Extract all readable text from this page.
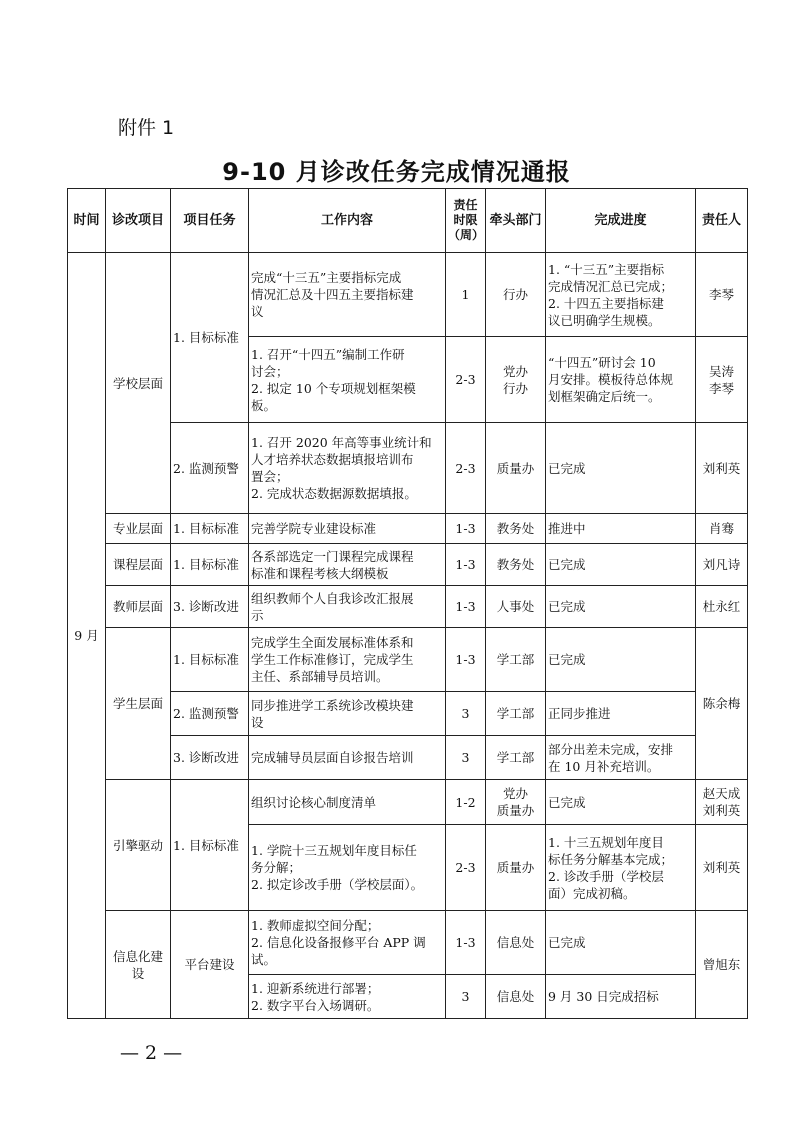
附件 1
9-10 月诊改任务完成情况通报
时间	诊改项目	项目任务	工作内容	责任
时限
（周）	牵头部门	完成进度	责任人
9 月	学校层面	1. 目标标准	完成“十三五”主要指标完成
情况汇总及十四五主要指标建
议	1	行办	1. “十三五”主要指标
完成情况汇总已完成；
2. 十四五主要指标建
议已明确学生规模。	李琴
			1. 召开“十四五”编制工作研
讨会；
2. 拟定 10 个专项规划框架模
板。	2-3	党办
行办	“十四五”研讨会 10
月安排。模板待总体规
划框架确定后统一。	吴涛
李琴
		2. 监测预警	1. 召开 2020 年高等事业统计和
人才培养状态数据填报培训布
置会；
2. 完成状态数据源数据填报。	2-3	质量办	已完成	刘利英
	专业层面	1. 目标标准	完善学院专业建设标准	1-3	教务处	推进中	肖骞
	课程层面	1. 目标标准	各系部选定一门课程完成课程
标准和课程考核大纲模板	1-3	教务处	已完成	刘凡诗
	教师层面	3. 诊断改进	组织教师个人自我诊改汇报展
示	1-3	人事处	已完成	杜永红
	学生层面	1. 目标标准	完成学生全面发展标准体系和
学生工作标准修订，完成学生
主任、系部辅导员培训。	1-3	学工部	已完成	陈余梅
		2. 监测预警	同步推进学工系统诊改模块建
设	3	学工部	正同步推进	
		3. 诊断改进	完成辅导员层面自诊报告培训	3	学工部	部分出差未完成，安排
在 10 月补充培训。	
	引擎驱动	1. 目标标准	组织讨论核心制度清单	1-2	党办
质量办	已完成	赵天成
刘利英
			1. 学院十三五规划年度目标任
务分解；
2. 拟定诊改手册（学校层面）。	2-3	质量办	1. 十三五规划年度目
标任务分解基本完成；
2. 诊改手册（学校层
面）完成初稿。	刘利英
	信息化建
设	平台建设	1. 教师虚拟空间分配；
2. 信息化设备报修平台 APP 调
试。	1-3	信息处	已完成	曾旭东
			1. 迎新系统进行部署；
2. 数字平台入场调研。	3	信息处	9 月 30 日完成招标	
— 2 —
